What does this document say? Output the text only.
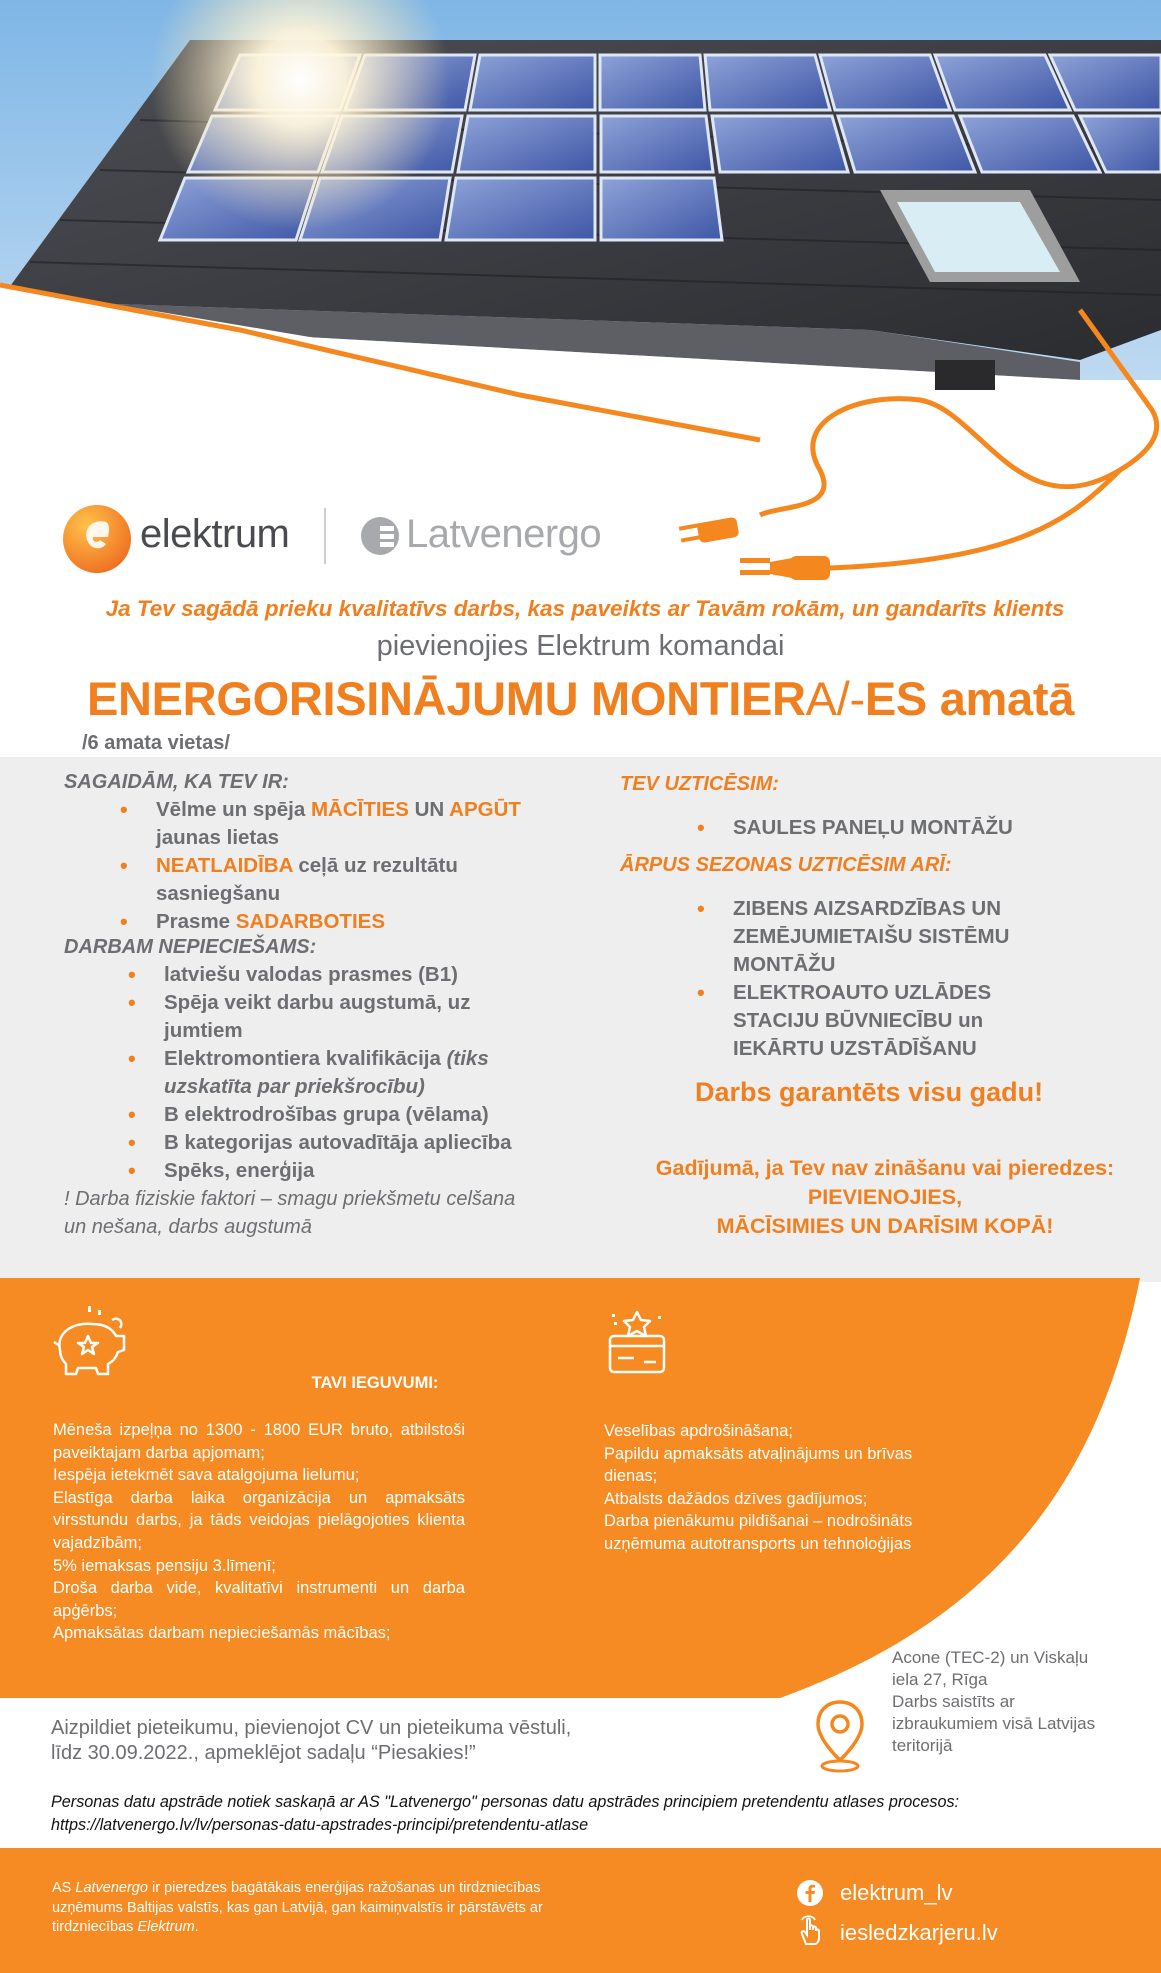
elektrum	Latvenergo
Ja Tev sagādā prieku kvalitatīvs darbs, kas paveikts ar Tavām rokām, un gandarīts klients
pievienojies Elektrum komandai
ENERGORISINĀJUMU MONTIERA/-ES amatā
/6 amata vietas/
SAGAIDĀM, KA TEV IR:
• Vēlme un spēja MĀCĪTIES UN APGŪT
jaunas lietas
• NEATLAIDĪBA ceļā uz rezultātu sasniegšanu
• Prasme SADARBOTIES
DARBAM NEPIECIEŠAMS:
• latviešu valodas prasmes (B1)
• Spēja veikt darbu augstumā, uz jumtiem
• Elektromontiera kvalifikācija (tiks uzskatīta par priekšrocību)
• B elektrodrošības grupa (vēlama)
• B kategorijas autovadītāja apliecība
• Spēks, enerģija
! Darba fiziskie faktori – smagu priekšmetu celšana un nešana, darbs augstumā
TEV UZTICĒSIM:
• SAULES PANEĻU MONTĀŽU
ĀRPUS SEZONAS UZTICĒSIM ARĪ:
• ZIBENS AIZSARDZĪBAS UN ZEMĒJUMIETAIŠU SISTĒMU MONTĀŽU
• ELEKTROAUTO UZLĀDES STACIJU BŪVNIECĪBU un IEKĀRTU UZSTĀDĪŠANU
Darbs garantēts visu gadu!
Gadījumā, ja Tev nav zināšanu vai pieredzes:
PIEVIENOJIES,
MĀCĪSIMIES UN DARĪSIM KOPĀ!
TAVI IEGUVUMI:
Mēneša izpeļņa no 1300 - 1800 EUR bruto, atbilstoši paveiktajam darba apjomam;
Iespēja ietekmēt sava atalgojuma lielumu;
Elastīga darba laika organizācija un apmaksāts virsstundu darbs, ja tāds veidojas pielāgojoties klienta vajadzībām;
5% iemaksas pensiju 3.līmenī;
Droša darba vide, kvalitatīvi instrumenti un darba apģērbs;
Apmaksātas darbam nepieciešamās mācības;
Veselības apdrošināšana;
Papildu apmaksāts atvaļinājums un brīvas dienas;
Atbalsts dažādos dzīves gadījumos;
Darba pienākumu pildīšanai – nodrošināts uzņēmuma autotransports un tehnoloģijas
Acone (TEC-2) un Viskaļu
iela 27, Rīga
Darbs saistīts ar
izbraukumiem visā Latvijas
teritorijā
Aizpildiet pieteikumu, pievienojot CV un pieteikuma vēstuli,
līdz 30.09.2022., apmeklējot sadaļu “Piesakies!”
Personas datu apstrāde notiek saskaņā ar AS "Latvenergo" personas datu apstrādes principiem pretendentu atlases procesos:
https://latvenergo.lv/lv/personas-datu-apstrades-principi/pretendentu-atlase
AS Latvenergo ir pieredzes bagātākais enerģijas ražošanas un tirdzniecības uzņēmums Baltijas valstīs, kas gan Latvijā, gan kaimiņvalstīs ir pārstāvēts ar tirdzniecības Elektrum.
elektrum_lv
iesledzkarjeru.lv
